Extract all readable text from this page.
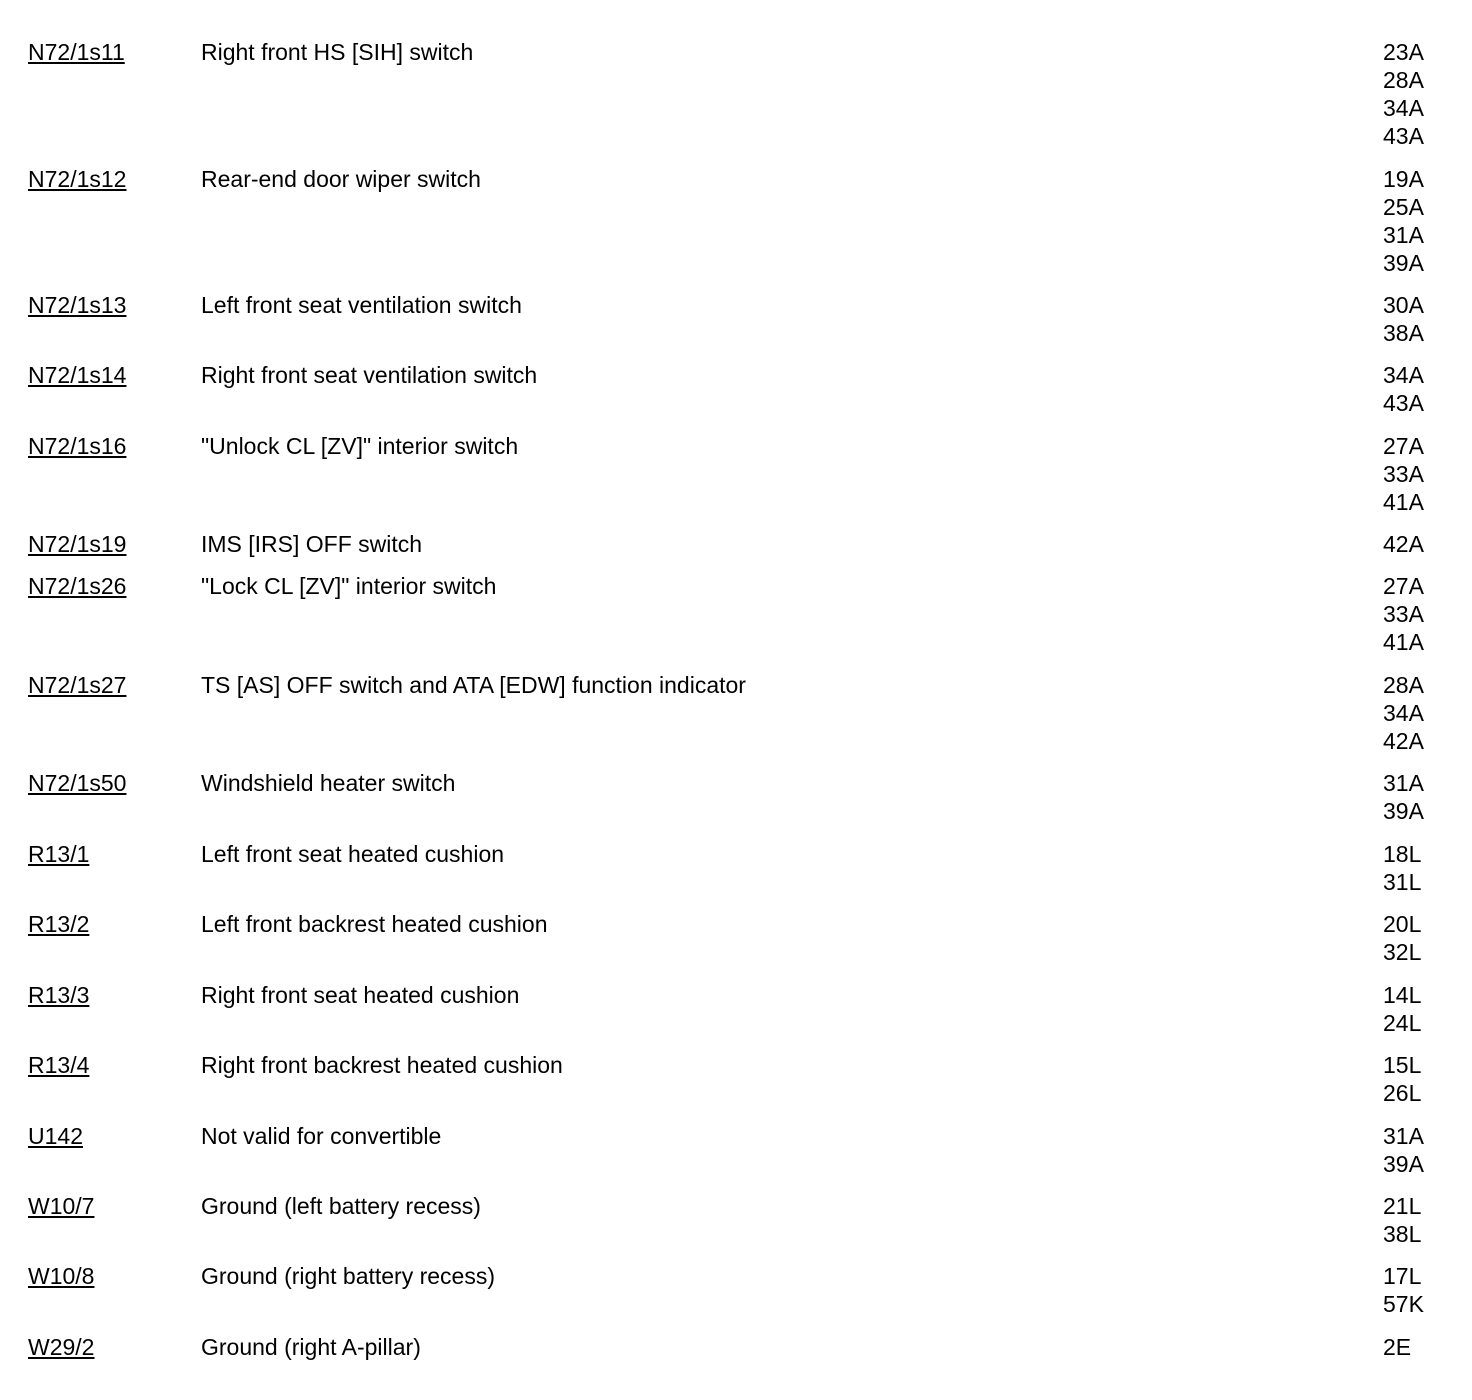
N72/1s11	Right front HS [SIH] switch	23A
28A
34A
43A
N72/1s12	Rear-end door wiper switch	19A
25A
31A
39A
N72/1s13	Left front seat ventilation switch	30A
38A
N72/1s14	Right front seat ventilation switch	34A
43A
N72/1s16	"Unlock CL [ZV]" interior switch	27A
33A
41A
N72/1s19	IMS [IRS] OFF switch	42A
N72/1s26	"Lock CL [ZV]" interior switch	27A
33A
41A
N72/1s27	TS [AS] OFF switch and ATA [EDW] function indicator	28A
34A
42A
N72/1s50	Windshield heater switch	31A
39A
R13/1	Left front seat heated cushion	18L
31L
R13/2	Left front backrest heated cushion	20L
32L
R13/3	Right front seat heated cushion	14L
24L
R13/4	Right front backrest heated cushion	15L
26L
U142	Not valid for convertible	31A
39A
W10/7	Ground (left battery recess)	21L
38L
W10/8	Ground (right battery recess)	17L
57K
W29/2	Ground (right A-pillar)	2E
